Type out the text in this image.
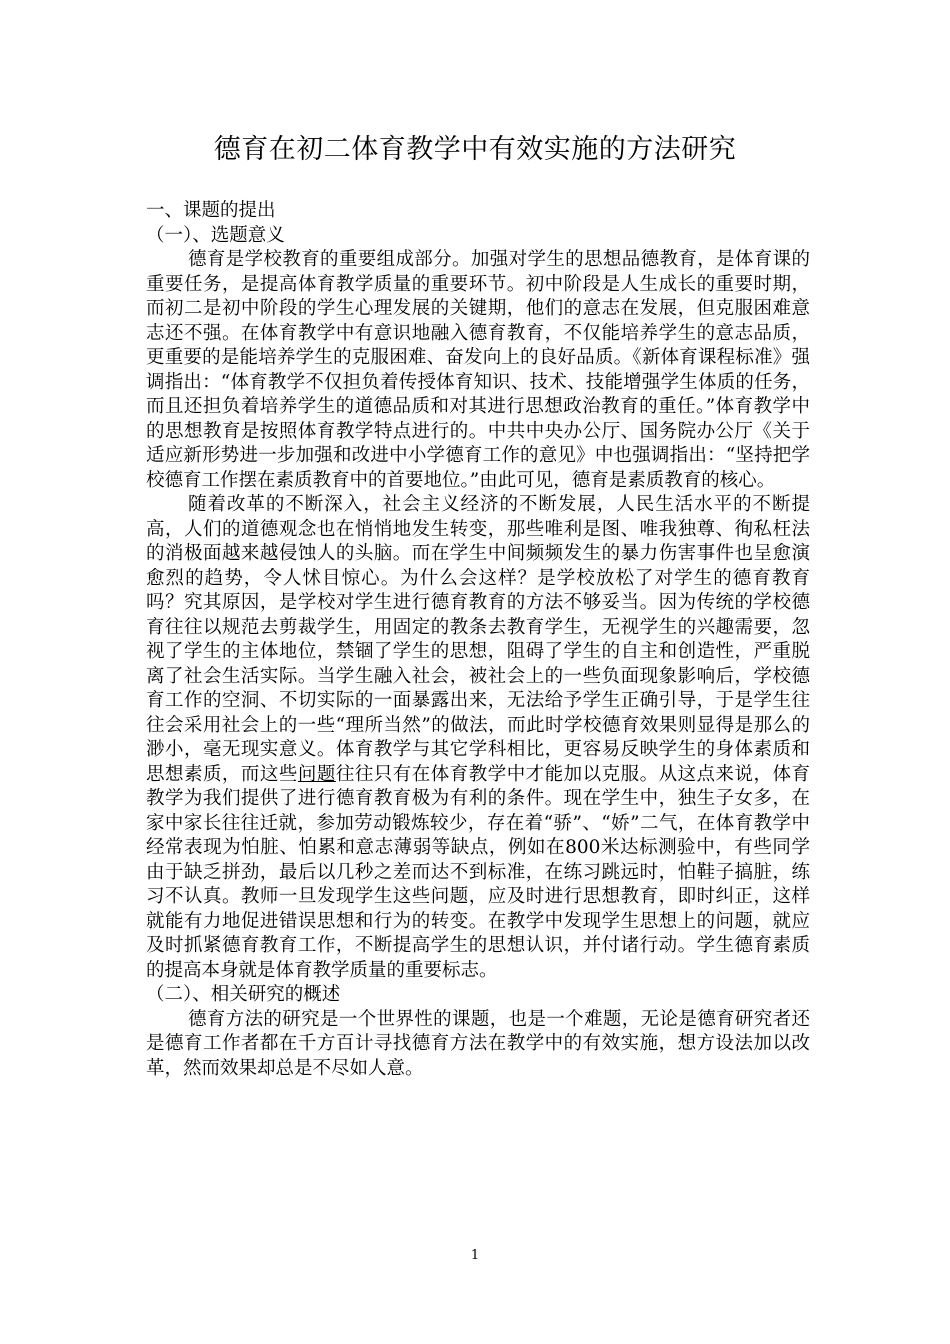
德育在初二体育教学中有效实施的方法研究

一、课题的提出

（一）、选题意义

德育是学校教育的重要组成部分。加强对学生的思想品德教育，是体育课的重要任务，是提高体育教学质量的重要环节。初中阶段是人生成长的重要时期，而初二是初中阶段的学生心理发展的关键期，他们的意志在发展，但克服困难意志还不强。在体育教学中有意识地融入德育教育，不仅能培养学生的意志品质，更重要的是能培养学生的克服困难、奋发向上的良好品质。《新体育课程标准》强调指出：“体育教学不仅担负着传授体育知识、技术、技能增强学生体质的任务，而且还担负着培养学生的道德品质和对其进行思想政治教育的重任。”体育教学中的思想教育是按照体育教学特点进行的。中共中央办公厅、国务院办公厅《关于适应新形势进一步加强和改进中小学德育工作的意见》中也强调指出：“坚持把学校德育工作摆在素质教育中的首要地位。”由此可见，德育是素质教育的核心。

随着改革的不断深入，社会主义经济的不断发展，人民生活水平的不断提高，人们的道德观念也在悄悄地发生转变，那些唯利是图、唯我独尊、徇私枉法的消极面越来越侵蚀人的头脑。而在学生中间频频发生的暴力伤害事件也呈愈演愈烈的趋势，令人怵目惊心。为什么会这样？是学校放松了对学生的德育教育吗？究其原因，是学校对学生进行德育教育的方法不够妥当。因为传统的学校德育往往以规范去剪裁学生，用固定的教条去教育学生，无视学生的兴趣需要，忽视了学生的主体地位，禁锢了学生的思想，阻碍了学生的自主和创造性，严重脱离了社会生活实际。当学生融入社会，被社会上的一些负面现象影响后，学校德育工作的空洞、不切实际的一面暴露出来，无法给予学生正确引导，于是学生往往会采用社会上的一些“理所当然”的做法，而此时学校德育效果则显得是那么的渺小，毫无现实意义。体育教学与其它学科相比，更容易反映学生的身体素质和思想素质，而这些问题往往只有在体育教学中才能加以克服。从这点来说，体育教学为我们提供了进行德育教育极为有利的条件。现在学生中，独生子女多，在家中家长往往迁就，参加劳动锻炼较少，存在着“骄”、“娇”二气，在体育教学中经常表现为怕脏、怕累和意志薄弱等缺点，例如在800米达标测验中，有些同学由于缺乏拼劲，最后以几秒之差而达不到标准，在练习跳远时，怕鞋子搞脏，练习不认真。教师一旦发现学生这些问题，应及时进行思想教育，即时纠正，这样就能有力地促进错误思想和行为的转变。在教学中发现学生思想上的问题，就应及时抓紧德育教育工作，不断提高学生的思想认识，并付诸行动。学生德育素质的提高本身就是体育教学质量的重要标志。

（二）、相关研究的概述

德育方法的研究是一个世界性的课题，也是一个难题，无论是德育研究者还是德育工作者都在千方百计寻找德育方法在教学中的有效实施，想方设法加以改革，然而效果却总是不尽如人意。

1
